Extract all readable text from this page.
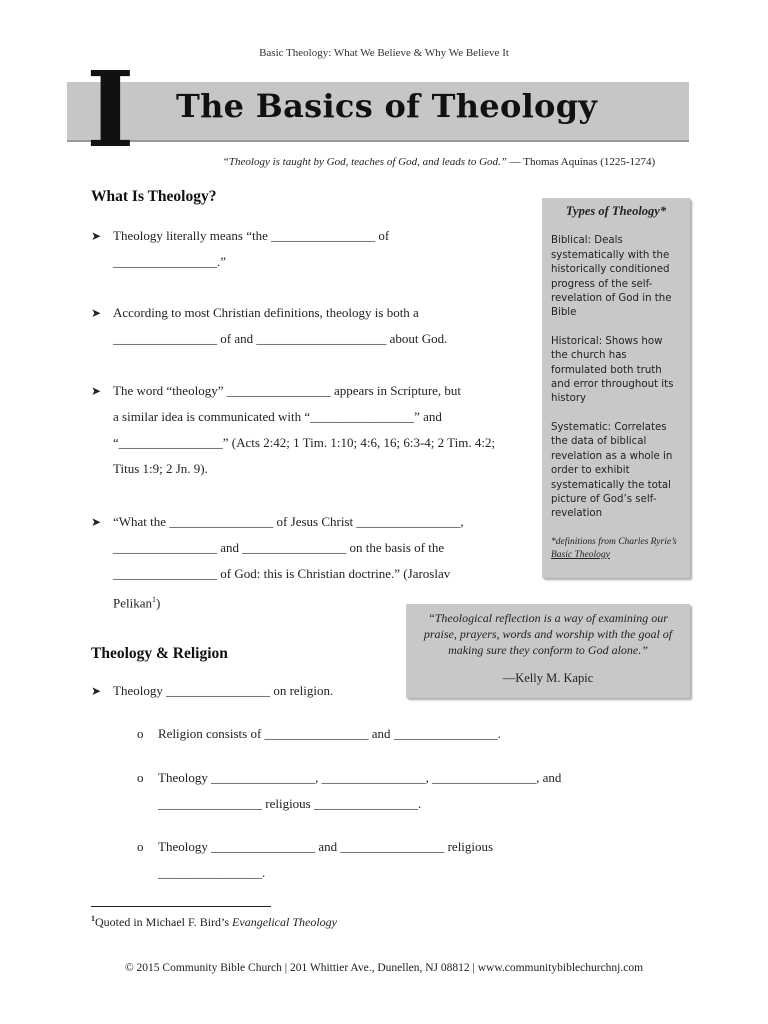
Basic Theology: What We Believe & Why We Believe It
I The Basics of Theology
“Theology is taught by God, teaches of God, and leads to God.” — Thomas Aquinas (1225-1274)
What Is Theology?
➤ Theology literally means “the ________________ of
________________.”
➤ According to most Christian definitions, theology is both a
________________ of and ____________________ about God.
➤ The word “theology” ________________ appears in Scripture, but
a similar idea is communicated with “________________” and
“________________” (Acts 2:42; 1 Tim. 1:10; 4:6, 16; 6:3-4; 2 Tim. 4:2;
Titus 1:9; 2 Jn. 9).
➤ “What the ________________ of Jesus Christ ________________,
________________ and ________________ on the basis of the
________________ of God: this is Christian doctrine.” (Jaroslav
Pelikan$^1$)
Theology & Religion
➤ Theology ________________ on religion.
o Religion consists of ________________ and ________________.
o Theology ________________, ________________, ________________, and
________________ religious ________________.
o Theology ________________ and ________________ religious
________________.
Types of Theology*

Biblical: Deals systematically with the historically conditioned progress of the self-revelation of God in the Bible

Historical: Shows how the church has formulated both truth and error throughout its history

Systematic: Correlates the data of biblical revelation as a whole in order to exhibit systematically the total picture of God’s self-revelation

*definitions from Charles Ryrie’s Basic Theology
“Theological reflection is a way of examining our praise, prayers, words and worship with the goal of making sure they conform to God alone.”
—Kelly M. Kapic
$^1$Quoted in Michael F. Bird’s Evangelical Theology
© 2015 Community Bible Church | 201 Whittier Ave., Dunellen, NJ 08812 | www.communitybiblechurchnj.com
